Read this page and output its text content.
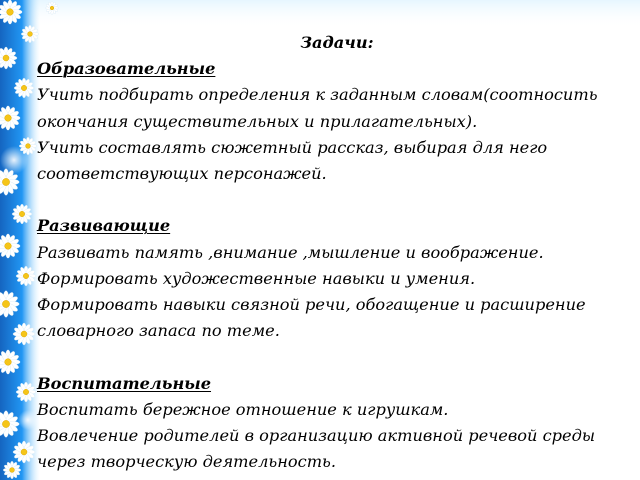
Задачи:
Образовательные
Учить подбирать определения к заданным словам(соотносить
окончания существительных и прилагательных).
Учить составлять сюжетный рассказ, выбирая для него
соответствующих персонажей.
Развивающие
Развивать память ,внимание ,мышление и воображение.
Формировать художественные навыки и умения.
Формировать навыки связной речи, обогащение и расширение
словарного запаса по теме.
Воспитательные
Воспитать бережное отношение к игрушкам.
Вовлечение родителей в организацию активной речевой среды
через творческую деятельность.
